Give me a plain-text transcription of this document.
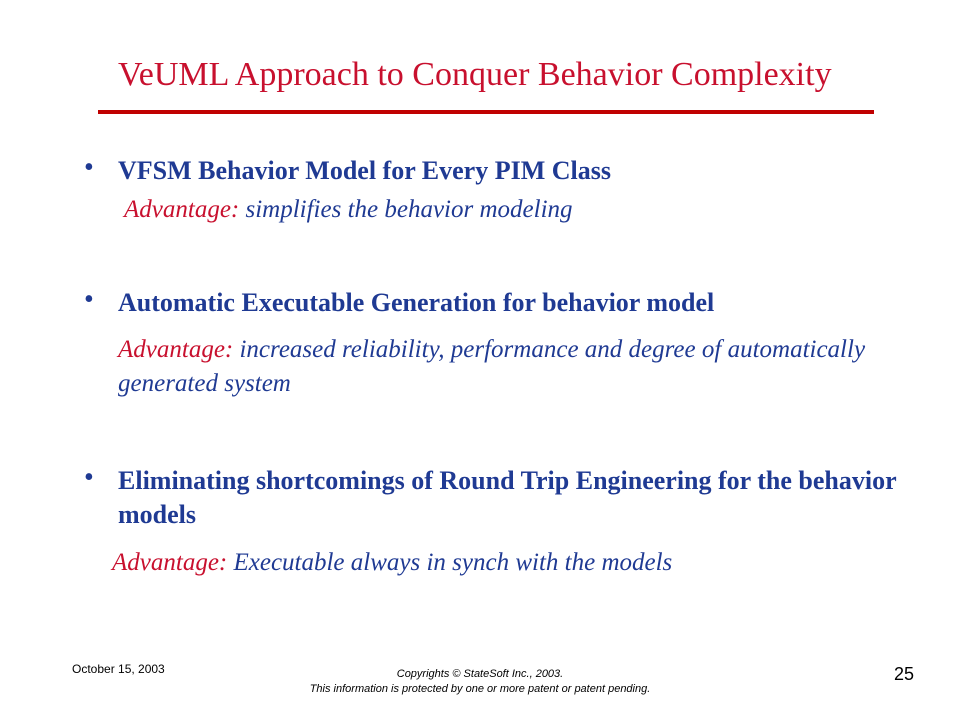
VeUML Approach to Conquer Behavior Complexity
• VFSM Behavior Model for Every PIM Class
Advantage: simplifies the behavior modeling
• Automatic Executable Generation for behavior model
Advantage: increased reliability, performance and degree of automatically generated system
• Eliminating shortcomings of Round Trip Engineering for the behavior models
Advantage: Executable always in synch with the models
October 15, 2003	Copyrights © StateSoft Inc., 2003.
This information is protected by one or more patent or patent pending.
25
